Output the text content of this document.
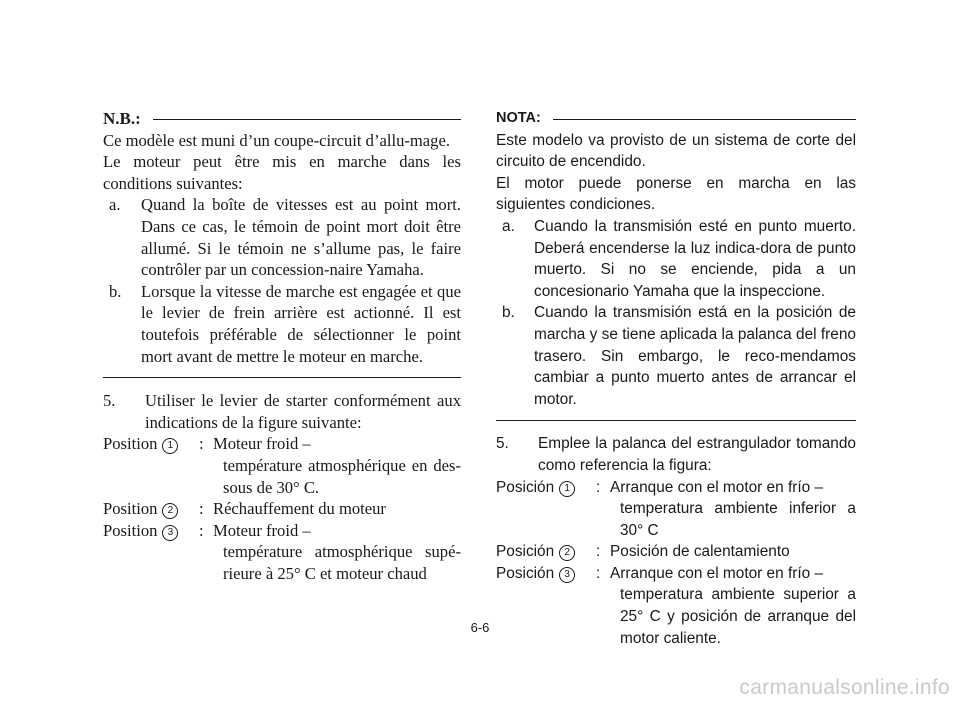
N.B.:

Ce modèle est muni d’un coupe-circuit d’allu-mage.

Le moteur peut être mis en marche dans les conditions suivantes:

a.	Quand la boîte de vitesses est au point mort. Dans ce cas, le témoin de point mort doit être allumé. Si le témoin ne s’allume pas, le faire contrôler par un concession-naire Yamaha.
b.	Lorsque la vitesse de marche est engagée et que le levier de frein arrière est actionné. Il est toutefois préférable de sélectionner le point mort avant de mettre le moteur en marche.
5.	Utiliser le levier de starter conformément aux indications de la figure suivante:
Position 1	: Moteur froid –
température atmosphérique en des-sous de 30° C.
Position 2	: Réchauffement du moteur
Position 3	: Moteur froid –
température atmosphérique supé-rieure à 25° C et moteur chaud
NOTA:

Este modelo va provisto de un sistema de corte del circuito de encendido.

El motor puede ponerse en marcha en las siguientes condiciones.

a.	Cuando la transmisión esté en punto muerto. Deberá encenderse la luz indica-dora de punto muerto. Si no se enciende, pida a un concesionario Yamaha que la inspeccione.
b.	Cuando la transmisión está en la posición de marcha y se tiene aplicada la palanca del freno trasero. Sin embargo, le reco-mendamos cambiar a punto muerto antes de arrancar el motor.
5.	Emplee la palanca del estrangulador tomando como referencia la figura:
Posición 1	: Arranque con el motor en frío –
temperatura ambiente inferior a 30° C
Posición 2	: Posición de calentamiento
Posición 3	: Arranque con el motor en frío –
temperatura ambiente superior a 25° C y posición de arranque del motor caliente.
6-6
carmanualsonline.info
